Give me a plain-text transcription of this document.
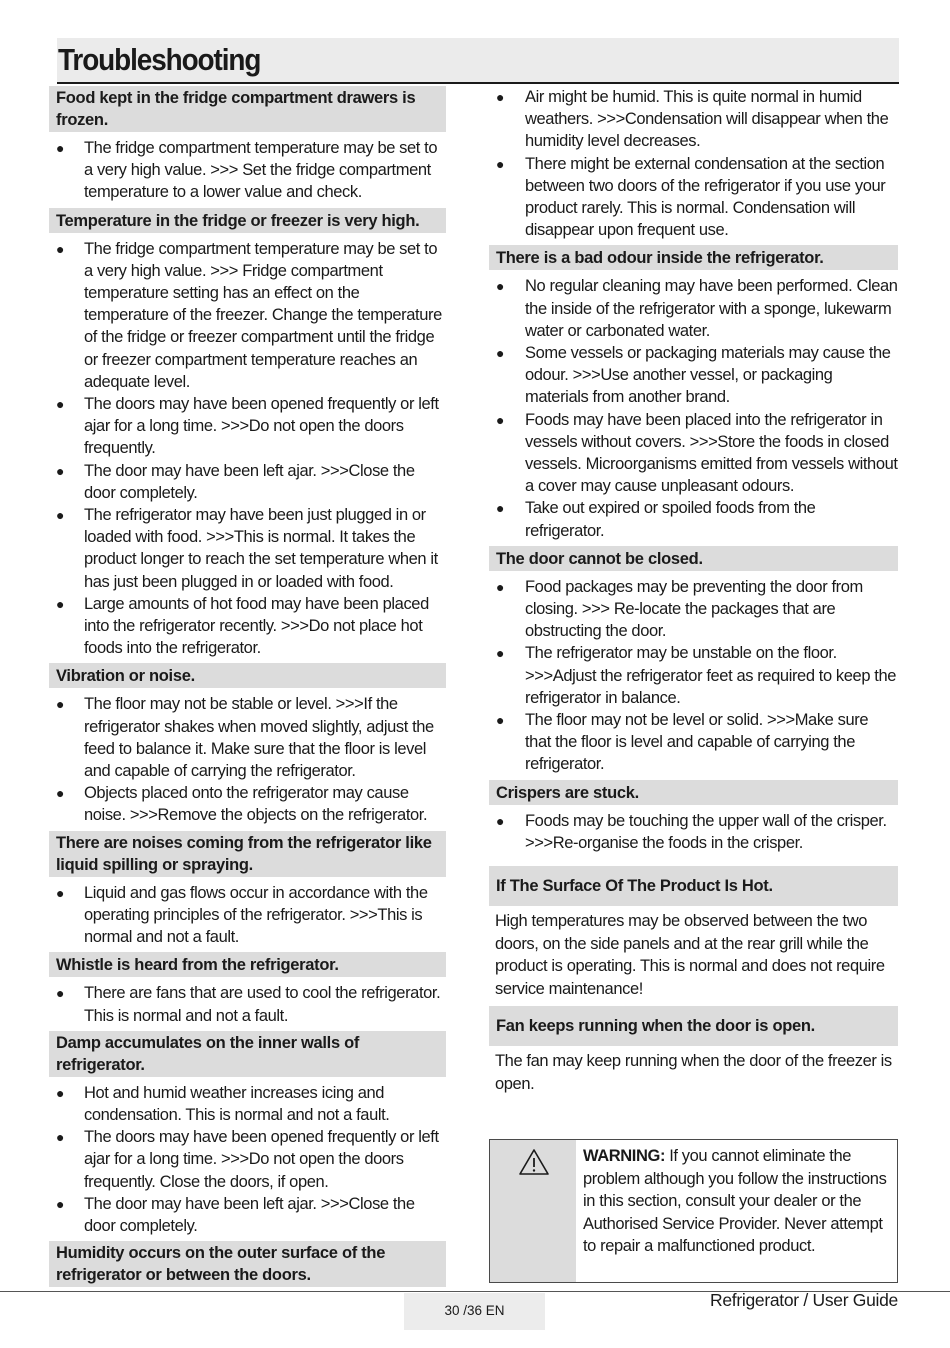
Troubleshooting
Food kept in the fridge compartment drawers is frozen.
● The fridge compartment temperature may be set to a very high value. >>> Set the fridge compartment temperature to a lower value and check.
Temperature in the fridge or freezer is very high.
● The fridge compartment temperature may be set to a very high value. >>> Fridge compartment temperature setting has an effect on the temperature of the freezer. Change the temperature of the fridge or freezer compartment until the fridge or freezer compartment temperature reaches an adequate level.
● The doors may have been opened frequently or left ajar for a long time. >>>Do not open the doors frequently.
● The door may have been left ajar. >>>Close the door completely.
● The refrigerator may have been just plugged in or loaded with food. >>>This is normal. It takes the product longer to reach the set temperature when it has just been plugged in or loaded with food.
● Large amounts of hot food may have been placed into the refrigerator recently. >>>Do not place hot foods into the refrigerator.
Vibration or noise.
● The floor may not be stable or level. >>>If the refrigerator shakes when moved slightly, adjust the feed to balance it. Make sure that the floor is level and capable of carrying the refrigerator.
● Objects placed onto the refrigerator may cause noise. >>>Remove the objects on the refrigerator.
There are noises coming from the refrigerator like liquid spilling or spraying.
● Liquid and gas flows occur in accordance with the operating principles of the refrigerator. >>>This is normal and not a fault.
Whistle is heard from the refrigerator.
● There are fans that are used to cool the refrigerator. This is normal and not a fault.
Damp accumulates on the inner walls of refrigerator.
● Hot and humid weather increases icing and condensation. This is normal and not a fault.
● The doors may have been opened frequently or left ajar for a long time. >>>Do not open the doors frequently. Close the doors, if open.
● The door may have been left ajar. >>>Close the door completely.
Humidity occurs on the outer surface of the refrigerator or between the doors.
● Air might be humid. This is quite normal in humid weathers. >>>Condensation will disappear when the humidity level decreases.
● There might be external condensation at the section between two doors of the refrigerator if you use your product rarely. This is normal. Condensation will disappear upon frequent use.
There is a bad odour inside the refrigerator.
● No regular cleaning may have been performed. Clean the inside of the refrigerator with a sponge, lukewarm water or carbonated water.
● Some vessels or packaging materials may cause the odour. >>>Use another vessel, or packaging materials from another brand.
● Foods may have been placed into the refrigerator in vessels without covers. >>>Store the foods in closed vessels. Microorganisms emitted from vessels without a cover may cause unpleasant odours.
● Take out expired or spoiled foods from the refrigerator.
The door cannot be closed.
● Food packages may be preventing the door from closing. >>> Re-locate the packages that are obstructing the door.
● The refrigerator may be unstable on the floor. >>>Adjust the refrigerator feet as required to keep the refrigerator in balance.
● The floor may not be level or solid. >>>Make sure that the floor is level and capable of carrying the refrigerator.
Crispers are stuck.
● Foods may be touching the upper wall of the crisper. >>>Re-organise the foods in the crisper.
If The Surface Of The Product Is Hot.
High temperatures may be observed between the two doors, on the side panels and at the rear grill while the product is operating. This is normal and does not require service maintenance!
Fan keeps running when the door is open.
The fan may keep running when the door of the freezer is open.
WARNING: If you cannot eliminate the problem although you follow the instructions in this section, consult your dealer or the Authorised Service Provider. Never attempt to repair a malfunctioned product.
30 /36 EN
Refrigerator / User Guide
